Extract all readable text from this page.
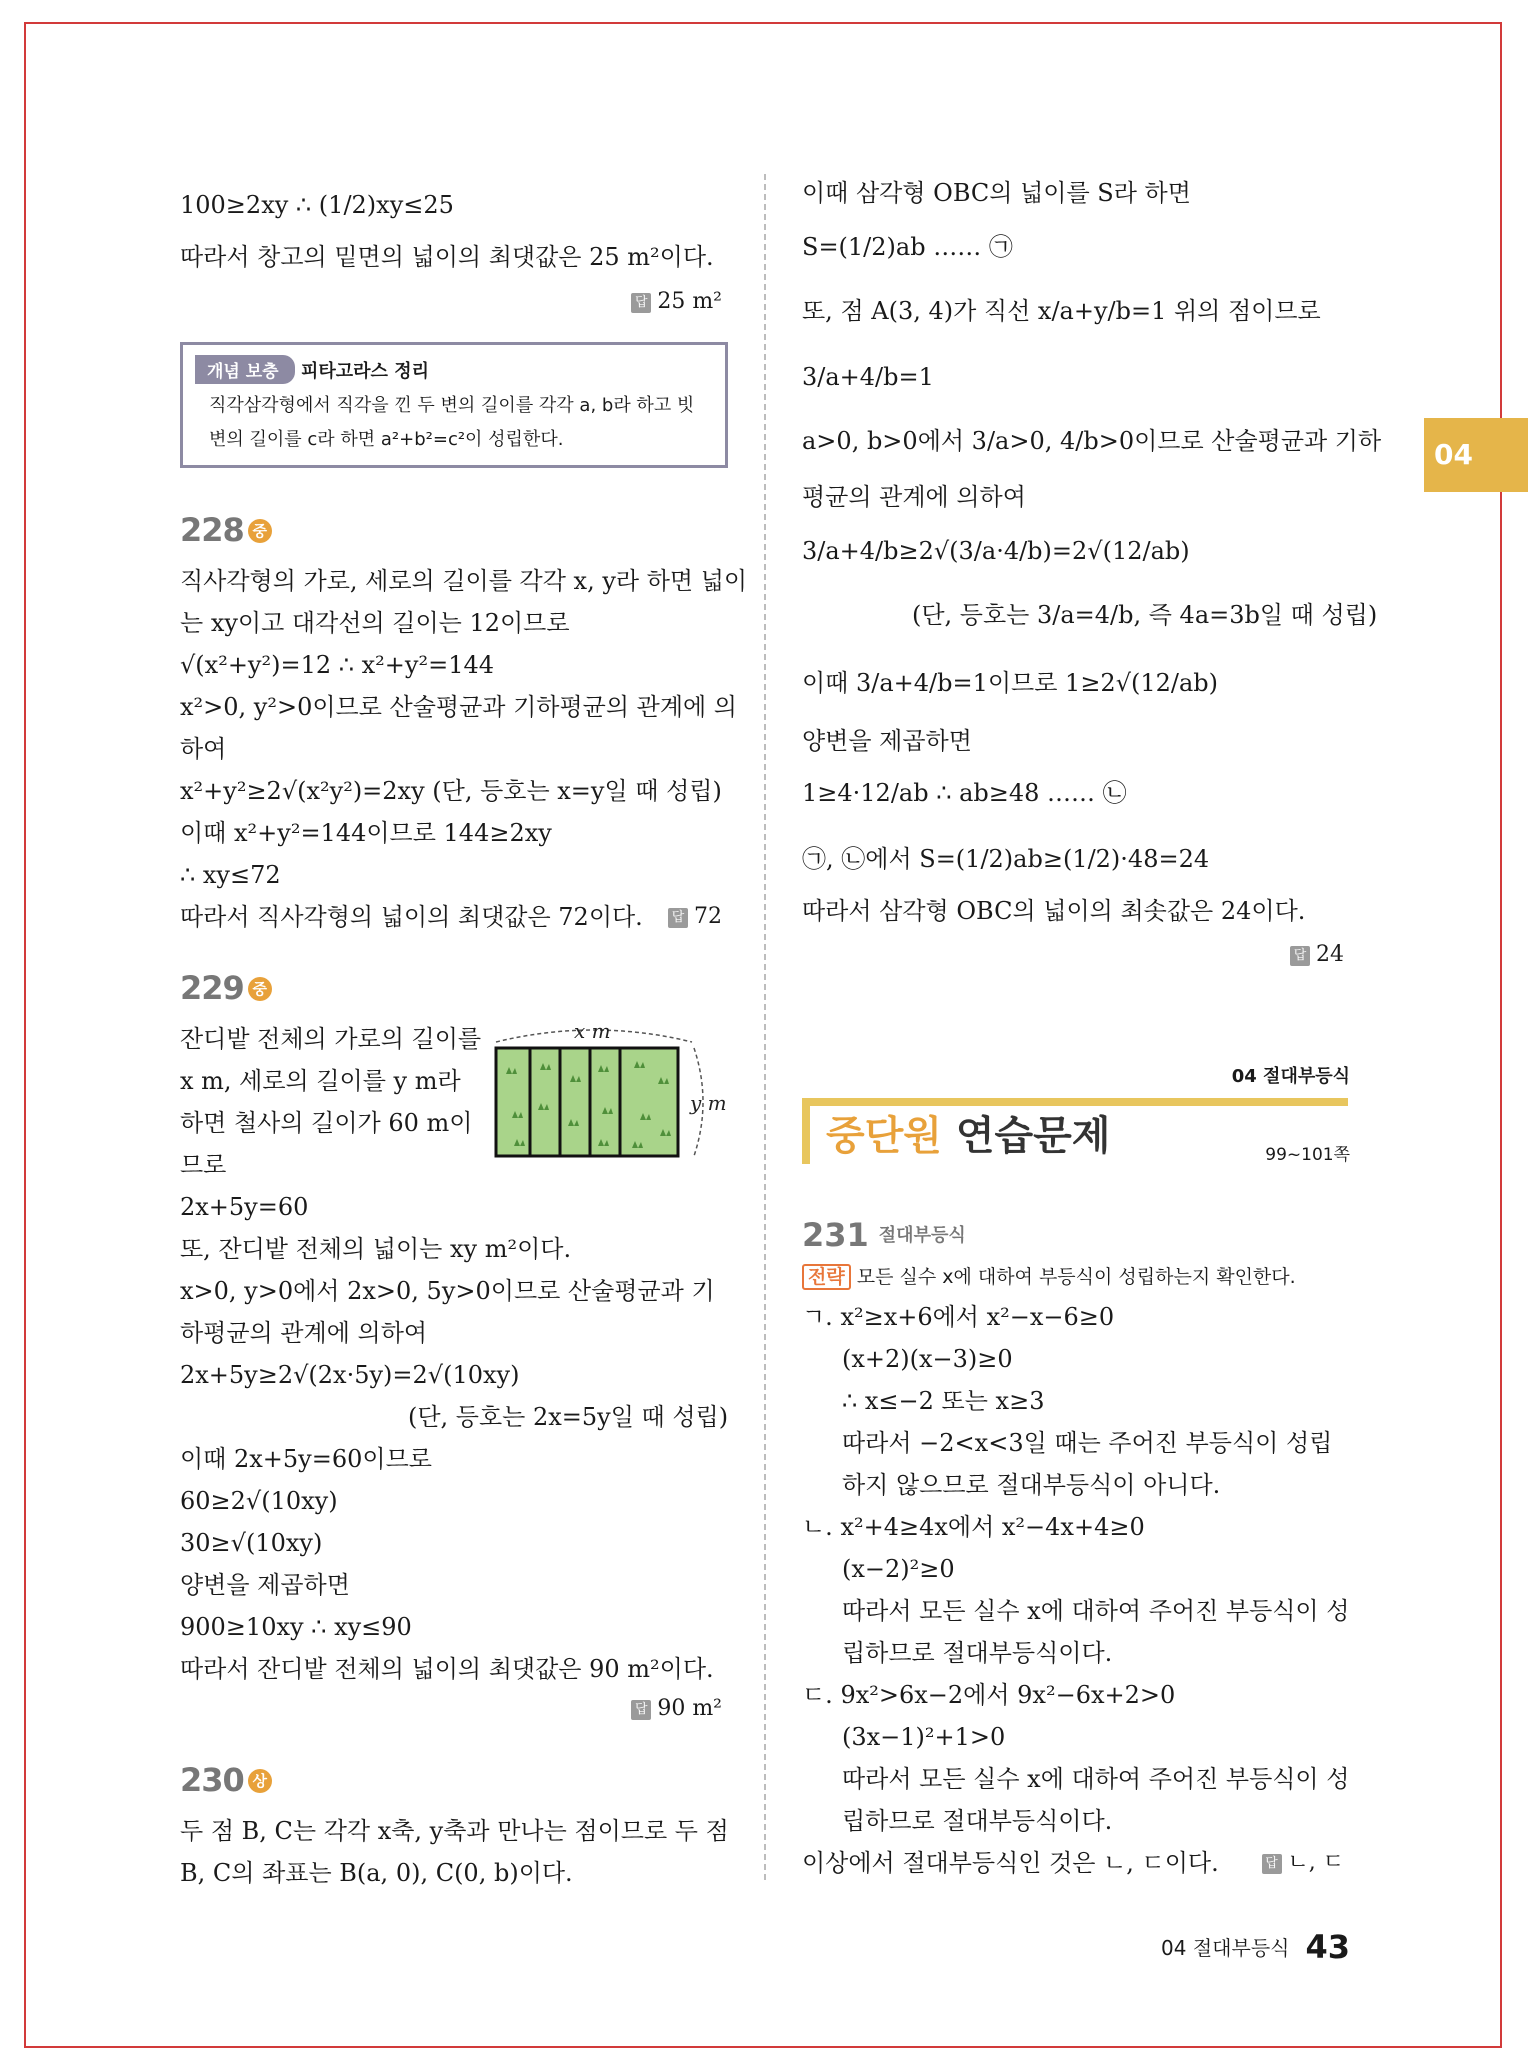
04
100≥2xy ∴ (1/2)xy≤25
따라서 창고의 밑면의 넓이의 최댓값은 25 m²이다.
답 25 m²
개념 보충	피타고라스 정리
직각삼각형에서 직각을 낀 두 변의 길이를 각각 a, b라 하고 빗
변의 길이를 c라 하면 a²+b²=c²이 성립한다.
228 중
직사각형의 가로, 세로의 길이를 각각 x, y라 하면 넓이
는 xy이고 대각선의 길이는 12이므로
√(x²+y²)=12 ∴ x²+y²=144
x²>0, y²>0이므로 산술평균과 기하평균의 관계에 의
하여
x²+y²≥2√(x²y²)=2xy (단, 등호는 x=y일 때 성립)
이때 x²+y²=144이므로 144≥2xy
∴ xy≤72
따라서 직사각형의 넓이의 최댓값은 72이다. 답 72
229 중
잔디밭 전체의 가로의 길이를
x m, 세로의 길이를 y m라
하면 철사의 길이가 60 m이
므로
2x+5y=60
또, 잔디밭 전체의 넓이는 xy m²이다.
x>0, y>0에서 2x>0, 5y>0이므로 산술평균과 기
하평균의 관계에 의하여
2x+5y≥2√(2x·5y)=2√(10xy)
(단, 등호는 2x=5y일 때 성립)
이때 2x+5y=60이므로
60≥2√(10xy)
30≥√(10xy)
양변을 제곱하면
900≥10xy ∴ xy≤90
따라서 잔디밭 전체의 넓이의 최댓값은 90 m²이다.
답 90 m²
x m
y m
230 상
두 점 B, C는 각각 x축, y축과 만나는 점이므로 두 점
B, C의 좌표는 B(a, 0), C(0, b)이다.
이때 삼각형 OBC의 넓이를 S라 하면
S=(1/2)ab …… ㉠
또, 점 A(3, 4)가 직선 x/a+y/b=1 위의 점이므로
3/a+4/b=1
a>0, b>0에서 3/a>0, 4/b>0이므로 산술평균과 기하
평균의 관계에 의하여
3/a+4/b≥2√(3/a·4/b)=2√(12/ab)
(단, 등호는 3/a=4/b, 즉 4a=3b일 때 성립)
이때 3/a+4/b=1이므로 1≥2√(12/ab)
양변을 제곱하면
1≥4·12/ab ∴ ab≥48 …… ㉡
㉠, ㉡에서 S=(1/2)ab≥(1/2)·48=24
따라서 삼각형 OBC의 넓이의 최솟값은 24이다.
답 24
04 절대부등식
중단원 연습문제	99~101쪽
231 절대부등식
전략 모든 실수 x에 대하여 부등식이 성립하는지 확인한다.
ㄱ. x²≥x+6에서 x²−x−6≥0
(x+2)(x−3)≥0
∴ x≤−2 또는 x≥3
따라서 −2<x<3일 때는 주어진 부등식이 성립
하지 않으므로 절대부등식이 아니다.
ㄴ. x²+4≥4x에서 x²−4x+4≥0
(x−2)²≥0
따라서 모든 실수 x에 대하여 주어진 부등식이 성
립하므로 절대부등식이다.
ㄷ. 9x²>6x−2에서 9x²−6x+2>0
(3x−1)²+1>0
따라서 모든 실수 x에 대하여 주어진 부등식이 성
립하므로 절대부등식이다.
이상에서 절대부등식인 것은 ㄴ, ㄷ이다.	답 ㄴ, ㄷ
04 절대부등식 43
